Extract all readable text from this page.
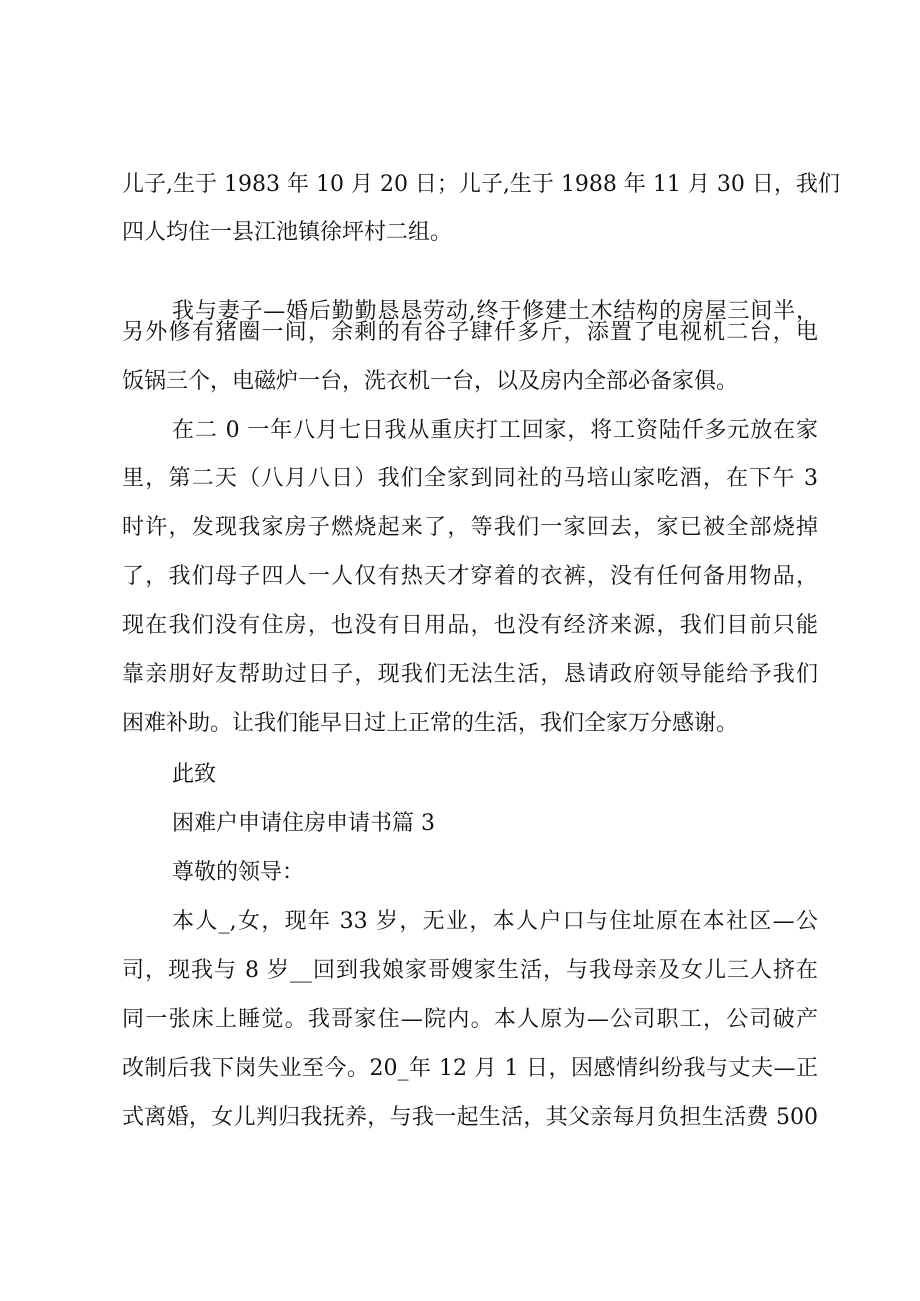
儿子,生于 1983 年 10 月 20 日；儿子,生于 1988 年 11 月 30 日，我们
四人均住一县江池镇徐坪村二组。
我与妻子—婚后勤勤恳恳劳动,终于修建土木结构的房屋三间半，
另外修有猪圈一间，余剩的有谷子肆仟多斤，添置了电视机二台，电
饭锅三个，电磁炉一台，洗衣机一台，以及房内全部必备家俱。
在二 0 一年八月七日我从重庆打工回家，将工资陆仟多元放在家
里，第二天（八月八日）我们全家到同社的马培山家吃酒，在下午 3
时许，发现我家房子燃烧起来了，等我们一家回去，家已被全部烧掉
了，我们母子四人一人仅有热天才穿着的衣裤，没有任何备用物品，
现在我们没有住房，也没有日用品，也没有经济来源，我们目前只能
靠亲朋好友帮助过日子，现我们无法生活，恳请政府领导能给予我们
困难补助。让我们能早日过上正常的生活，我们全家万分感谢。
此致
困难户申请住房申请书篇 3
尊敬的领导：
本人_,女，现年 33 岁，无业，本人户口与住址原在本社区—公
司，现我与 8 岁__回到我娘家哥嫂家生活，与我母亲及女儿三人挤在
同一张床上睡觉。我哥家住—院内。本人原为—公司职工，公司破产
改制后我下岗失业至今。20_年 12 月 1 日，因感情纠纷我与丈夫—正
式离婚，女儿判归我抚养，与我一起生活，其父亲每月负担生活费 500
